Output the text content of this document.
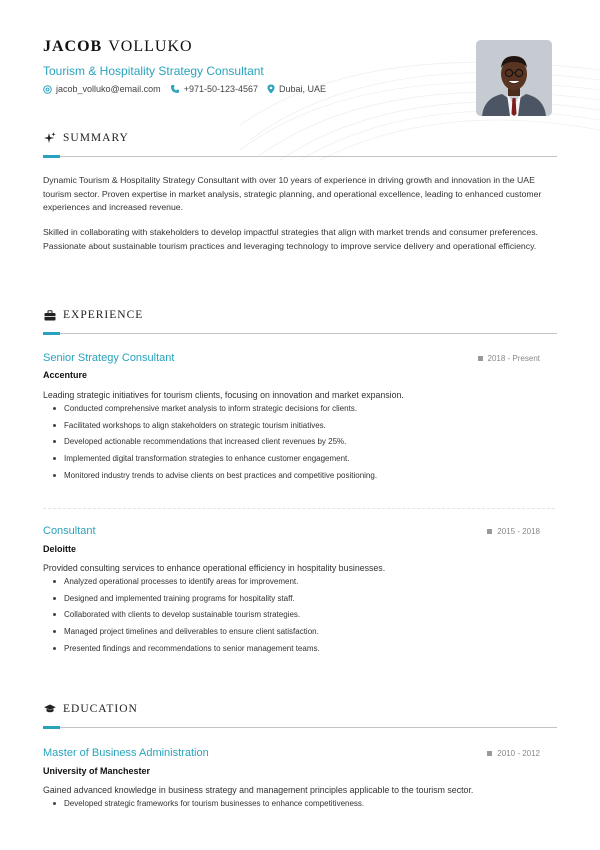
JACOB VOLLUKO
Tourism & Hospitality Strategy Consultant
jacob_volluko@email.com	+971-50-123-4567 Dubai, UAE
SUMMARY

Dynamic Tourism & Hospitality Strategy Consultant with over 10 years of experience in driving growth and innovation in the UAE tourism sector. Proven expertise in market analysis, strategic planning, and operational excellence, leading to enhanced customer experiences and increased revenue.

Skilled in collaborating with stakeholders to develop impactful strategies that align with market trends and consumer preferences. Passionate about sustainable tourism practices and leveraging technology to improve service delivery and operational efficiency.

EXPERIENCE
Senior Strategy Consultant	2018 - Present
Accenture
Leading strategic initiatives for tourism clients, focusing on innovation and market expansion.
Conducted comprehensive market analysis to inform strategic decisions for clients.
Facilitated workshops to align stakeholders on strategic tourism initiatives.
Developed actionable recommendations that increased client revenues by 25%.
Implemented digital transformation strategies to enhance customer engagement.
Monitored industry trends to advise clients on best practices and competitive positioning.
Consultant	2015 - 2018
Deloitte
Provided consulting services to enhance operational efficiency in hospitality businesses.
Analyzed operational processes to identify areas for improvement.
Designed and implemented training programs for hospitality staff.
Collaborated with clients to develop sustainable tourism strategies.
Managed project timelines and deliverables to ensure client satisfaction.
Presented findings and recommendations to senior management teams.
EDUCATION
Master of Business Administration	2010 - 2012
University of Manchester
Gained advanced knowledge in business strategy and management principles applicable to the tourism sector.
Developed strategic frameworks for tourism businesses to enhance competitiveness.
